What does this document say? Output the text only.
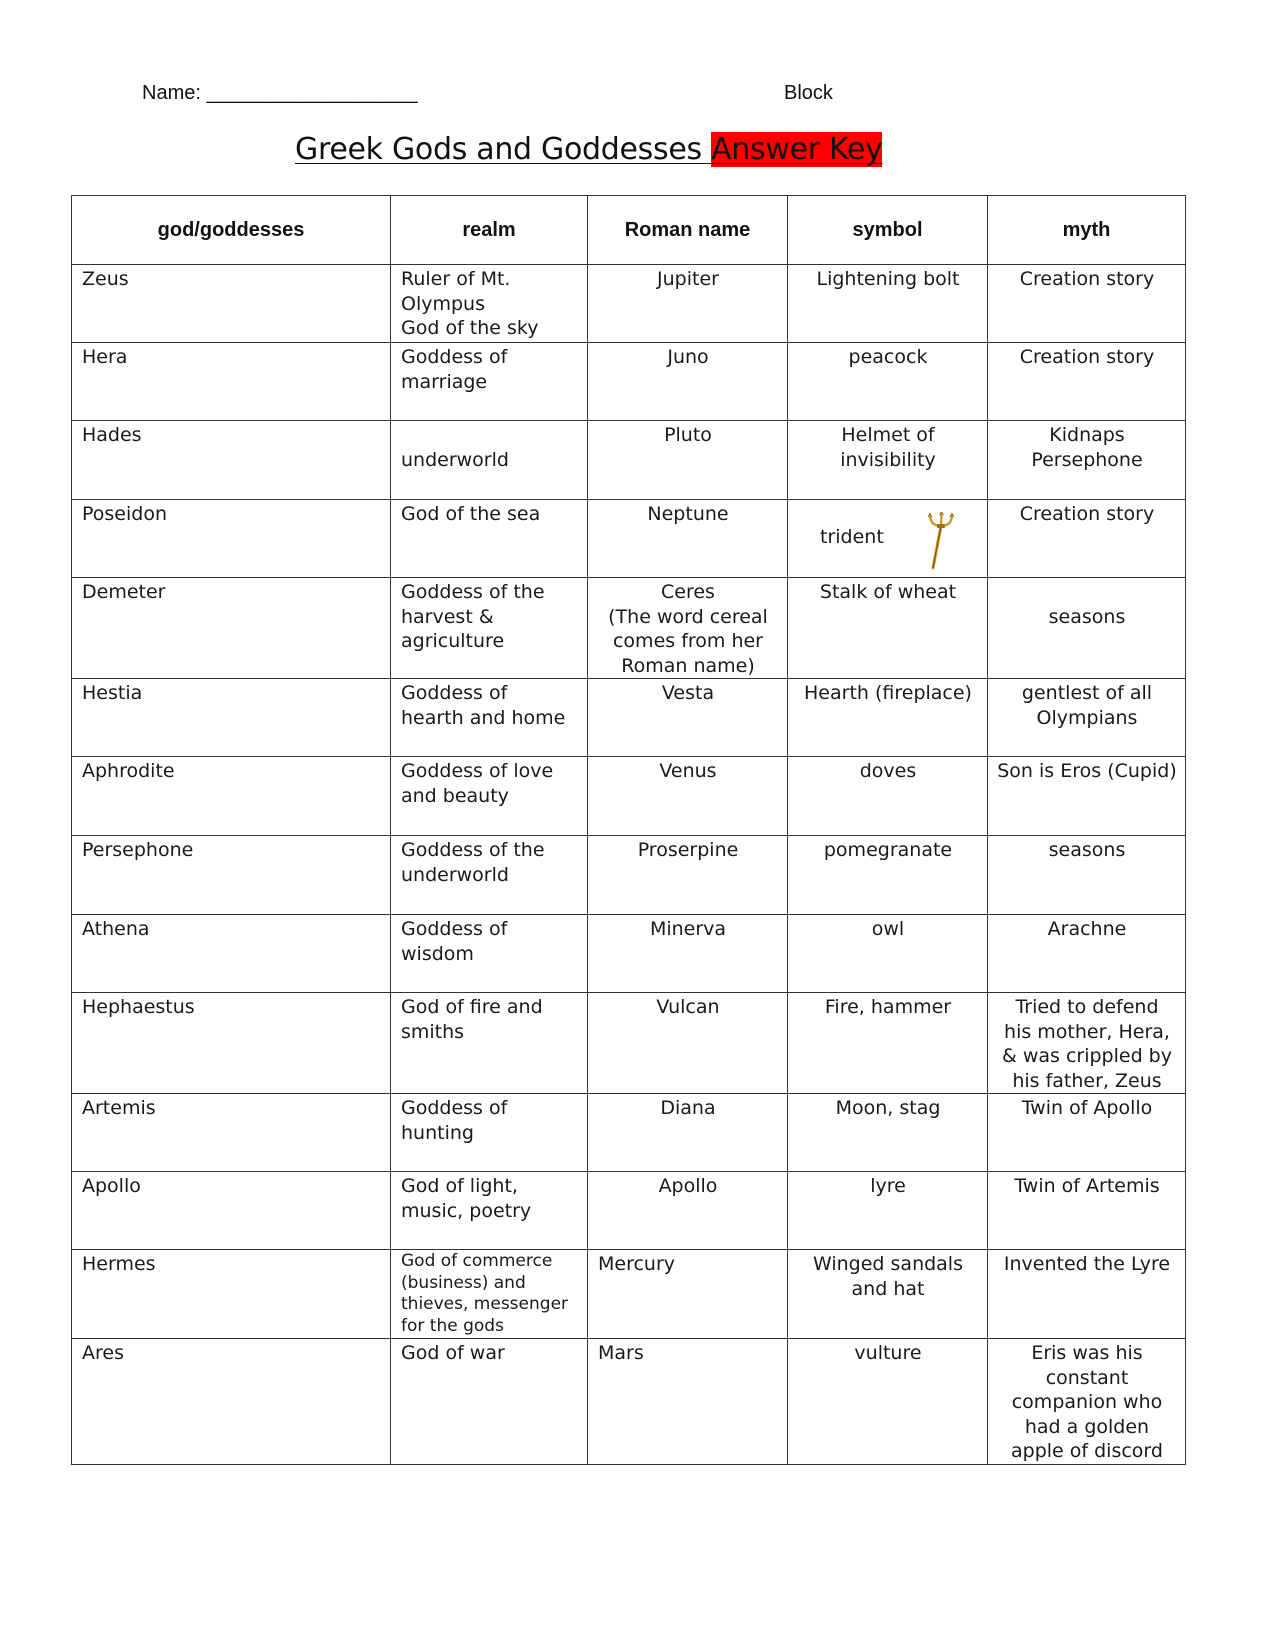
Name: ___________________	Block
Greek Gods and Goddesses Answer Key
god/goddesses	realm	Roman name	symbol	myth

Zeus	Ruler of Mt.
Olympus
God of the sky	Jupiter	Lightening bolt	Creation story

Hera	Goddess of
marriage	Juno	peacock	Creation story

Hades	underworld	Pluto	Helmet of
invisibility	Kidnaps
Persephone

Poseidon	God of the sea	Neptune	trident	Creation story

Demeter	Goddess of the
harvest &
agriculture	Ceres
(The word cereal
comes from her
Roman name)	Stalk of wheat	seasons

Hestia	Goddess of
hearth and home	Vesta	Hearth (fireplace)	gentlest of all
Olympians

Aphrodite	Goddess of love
and beauty	Venus	doves	Son is Eros (Cupid)

Persephone	Goddess of the
underworld	Proserpine	pomegranate	seasons

Athena	Goddess of
wisdom	Minerva	owl	Arachne

Hephaestus	God of fire and
smiths	Vulcan	Fire, hammer	Tried to defend
his mother, Hera,
& was crippled by
his father, Zeus

Artemis	Goddess of
hunting	Diana	Moon, stag	Twin of Apollo

Apollo	God of light,
music, poetry	Apollo	lyre	Twin of Artemis

Hermes	God of commerce
(business) and
thieves, messenger
for the gods	Mercury	Winged sandals
and hat	Invented the Lyre

Ares	God of war	Mars	vulture	Eris was his
constant
companion who
had a golden
apple of discord
